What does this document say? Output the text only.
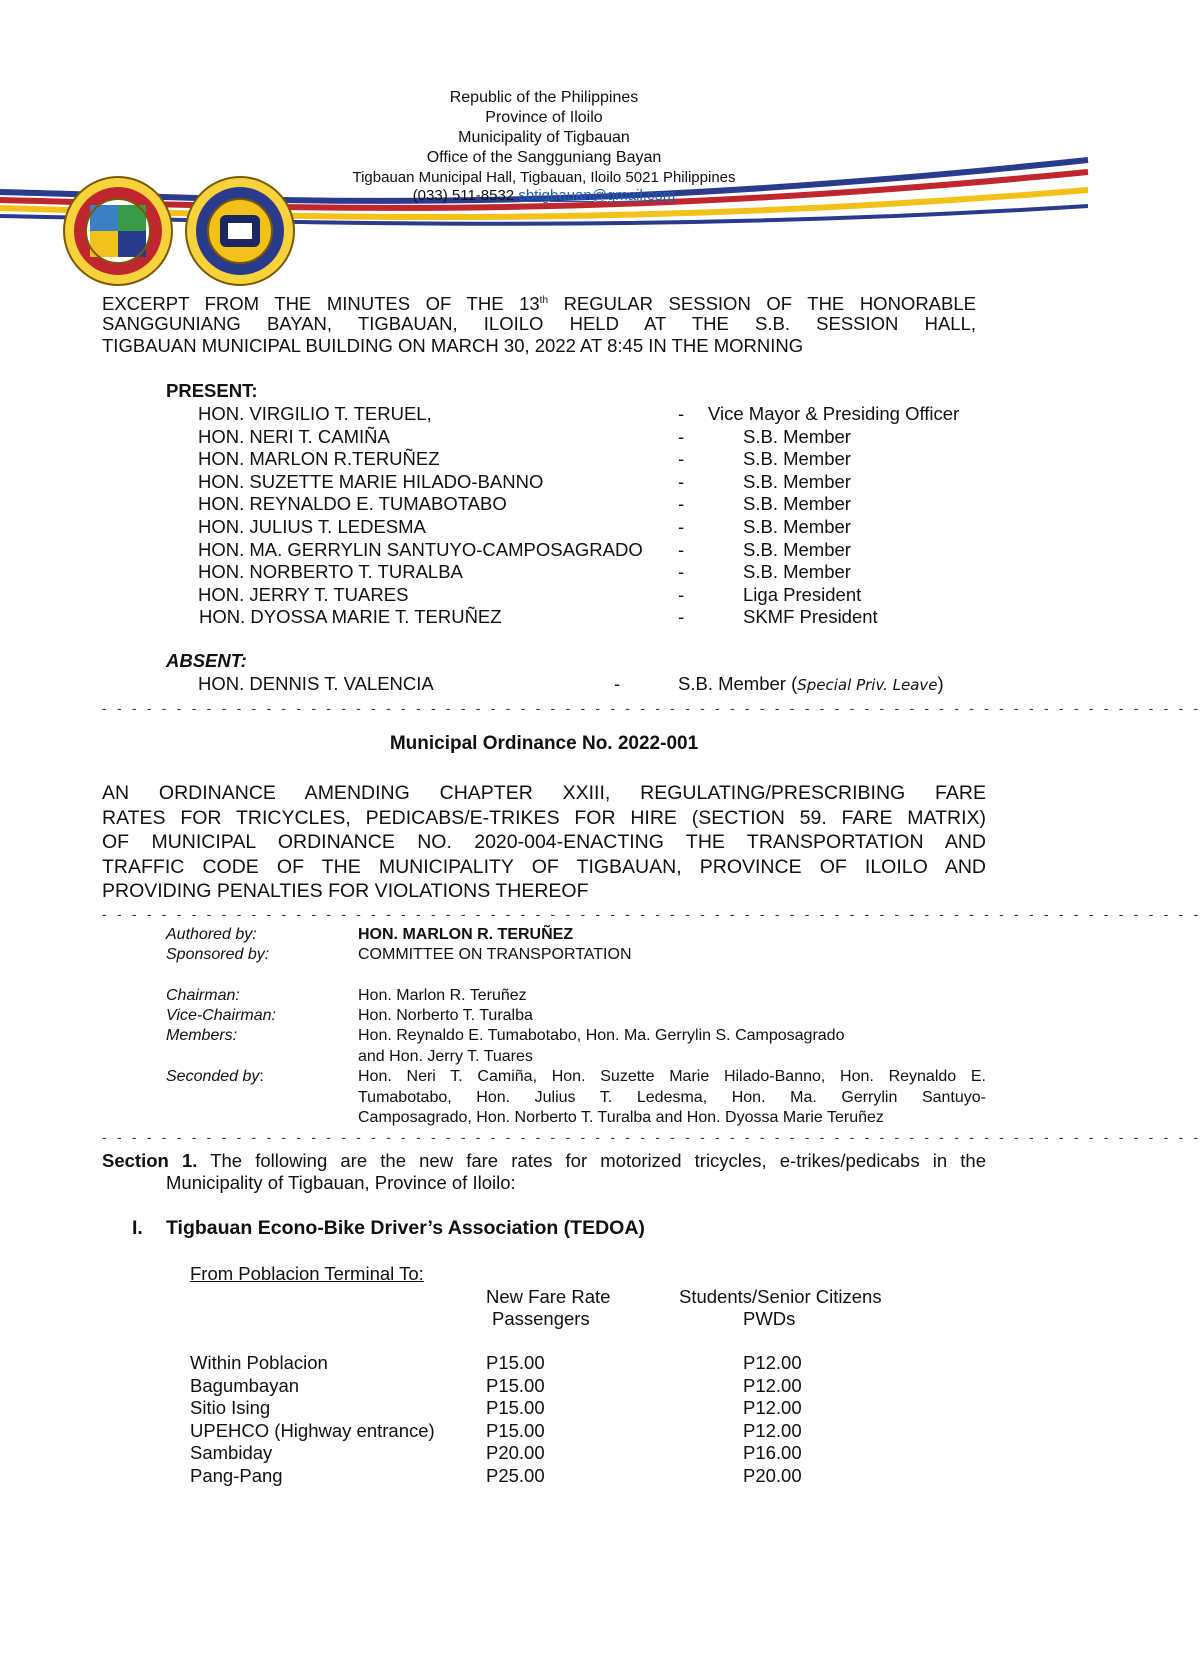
Republic of the Philippines
Province of Iloilo
Municipality of Tigbauan
Office of the Sangguniang Bayan
Tigbauan Municipal Hall, Tigbauan, Iloilo 5021 Philippines
(033) 511-8532 sbtigbauan@gmail.com
EXCERPT FROM THE MINUTES OF THE 13th REGULAR SESSION OF THE HONORABLE
SANGGUNIANG BAYAN, TIGBAUAN, ILOILO HELD AT THE S.B. SESSION HALL,
TIGBAUAN MUNICIPAL BUILDING ON MARCH 30, 2022 AT 8:45 IN THE MORNING
PRESENT:
HON. VIRGILIO T. TERUEL,	- Vice Mayor & Presiding Officer
HON. NERI T. CAMIÑA	-	S.B. Member
HON. MARLON R.TERUÑEZ	-	S.B. Member
HON. SUZETTE MARIE HILADO-BANNO	-	S.B. Member
HON. REYNALDO E. TUMABOTABO	-	S.B. Member
HON. JULIUS T. LEDESMA	-	S.B. Member
HON. MA. GERRYLIN SANTUYO-CAMPOSAGRADO -	S.B. Member
HON. NORBERTO T. TURALBA	-	S.B. Member
HON. JERRY T. TUARES	-	Liga President
HON. DYOSSA MARIE T. TERUÑEZ	-	SKMF President
ABSENT:
HON. DENNIS T. VALENCIA	-	S.B. Member (Special Priv. Leave)
- - - - - - - - - - - - - - - - - - - - - - - - - - - - - - - - - - - - - - - - - - - - - - - - - - - - - - - - - - - - - - - - - - - - - - - - - -
Municipal Ordinance No. 2022-001
AN ORDINANCE AMENDING CHAPTER XXIII, REGULATING/PRESCRIBING FARE
RATES FOR TRICYCLES, PEDICABS/E-TRIKES FOR HIRE (SECTION 59. FARE MATRIX)
OF MUNICIPAL ORDINANCE NO. 2020-004-ENACTING THE TRANSPORTATION AND
TRAFFIC CODE OF THE MUNICIPALITY OF TIGBAUAN, PROVINCE OF ILOILO AND
PROVIDING PENALTIES FOR VIOLATIONS THEREOF
- - - - - - - - - - - - - - - - - - - - - - - - - - - - - - - - - - - - - - - - - - - - - - - - - - - - - - - - - - - - - - - - - - - - - - - - - -
Authored by:	HON. MARLON R. TERUÑEZ
Sponsored by:	COMMITTEE ON TRANSPORTATION
Chairman:	Hon. Marlon R. Teruñez
Vice-Chairman:	Hon. Norberto T. Turalba
Members:	Hon. Reynaldo E. Tumabotabo, Hon. Ma. Gerrylin S. Camposagrado
and Hon. Jerry T. Tuares
Seconded by:	Hon. Neri T. Camiña, Hon. Suzette Marie Hilado-Banno, Hon. Reynaldo E.
Tumabotabo, Hon. Julius T. Ledesma, Hon. Ma. Gerrylin Santuyo-
Camposagrado, Hon. Norberto T. Turalba and Hon. Dyossa Marie Teruñez
- - - - - - - - - - - - - - - - - - - - - - - - - - - - - - - - - - - - - - - - - - - - - - - - - - - - - - - - - - - - - - - - - - - - - - - - - -
Section 1. The following are the new fare rates for motorized tricycles, e-trikes/pedicabs in the
Municipality of Tigbauan, Province of Iloilo:
I. Tigbauan Econo-Bike Driver’s Association (TEDOA)
From Poblacion Terminal To:
New Fare Rate
Passengers
Students/Senior Citizens
PWDs
Within Poblacion	P15.00	P12.00
Bagumbayan	P15.00	P12.00
Sitio Ising	P15.00	P12.00
UPEHCO (Highway entrance)	P15.00	P12.00
Sambiday	P20.00	P16.00
Pang-Pang	P25.00	P20.00
